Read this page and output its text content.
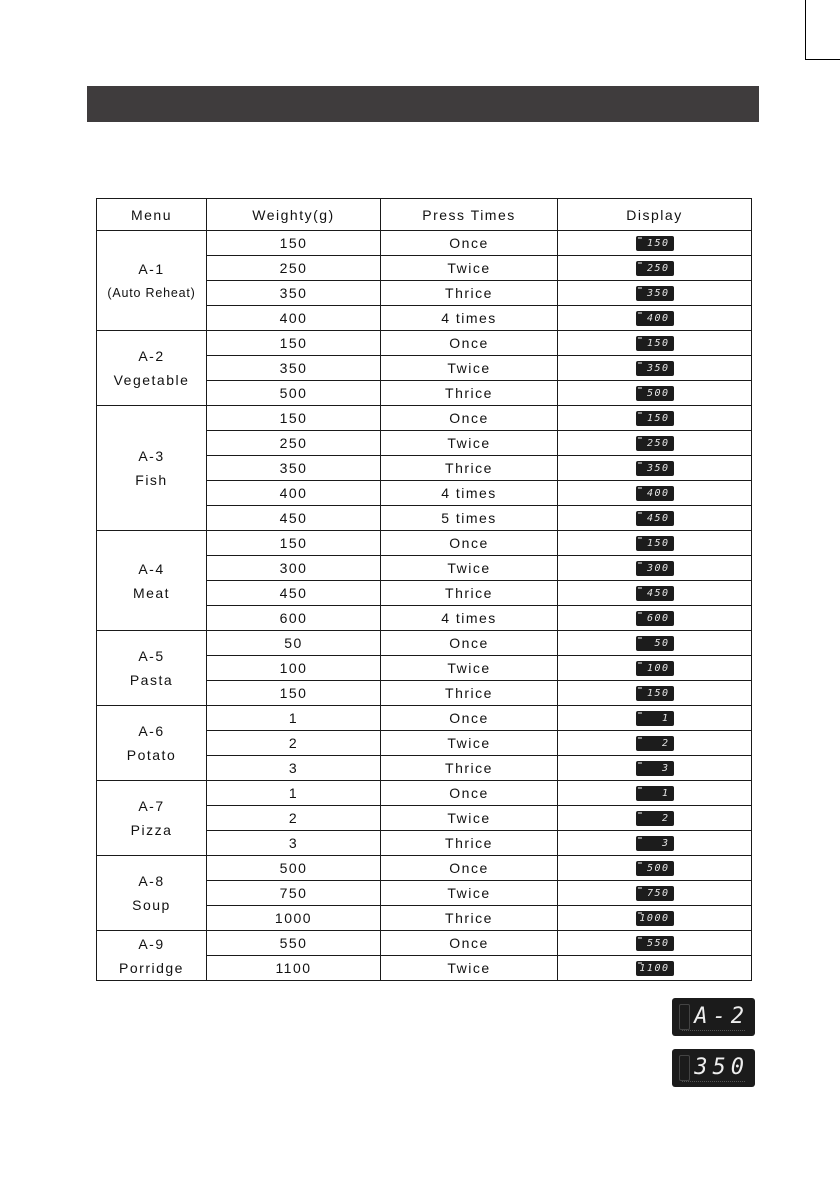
Menu	Weighty(g)	Press Times	Display

A-1
(Auto Reheat)	150	Once	150

	250	Twice	250

	350	Thrice	350

	400	4 times	400

A-2
Vegetable	150	Once	150

	350	Twice	350

	500	Thrice	500

A-3
Fish	150	Once	150

	250	Twice	250

	350	Thrice	350

	400	4 times	400

	450	5 times	450

A-4
Meat	150	Once	150

	300	Twice	300

	450	Thrice	450

	600	4 times	600

A-5
Pasta	50	Once	50

	100	Twice	100

	150	Thrice	150

A-6
Potato	1	Once	1

	2	Twice	2

	3	Thrice	3

A-7
Pizza	1	Once	1

	2	Twice	2

	3	Thrice	3

A-8
Soup	500	Once	500

	750	Twice	750

	1000	Thrice	1000

A-9
Porridge	550	Once	550

	1100	Twice	1100
A-2
350
